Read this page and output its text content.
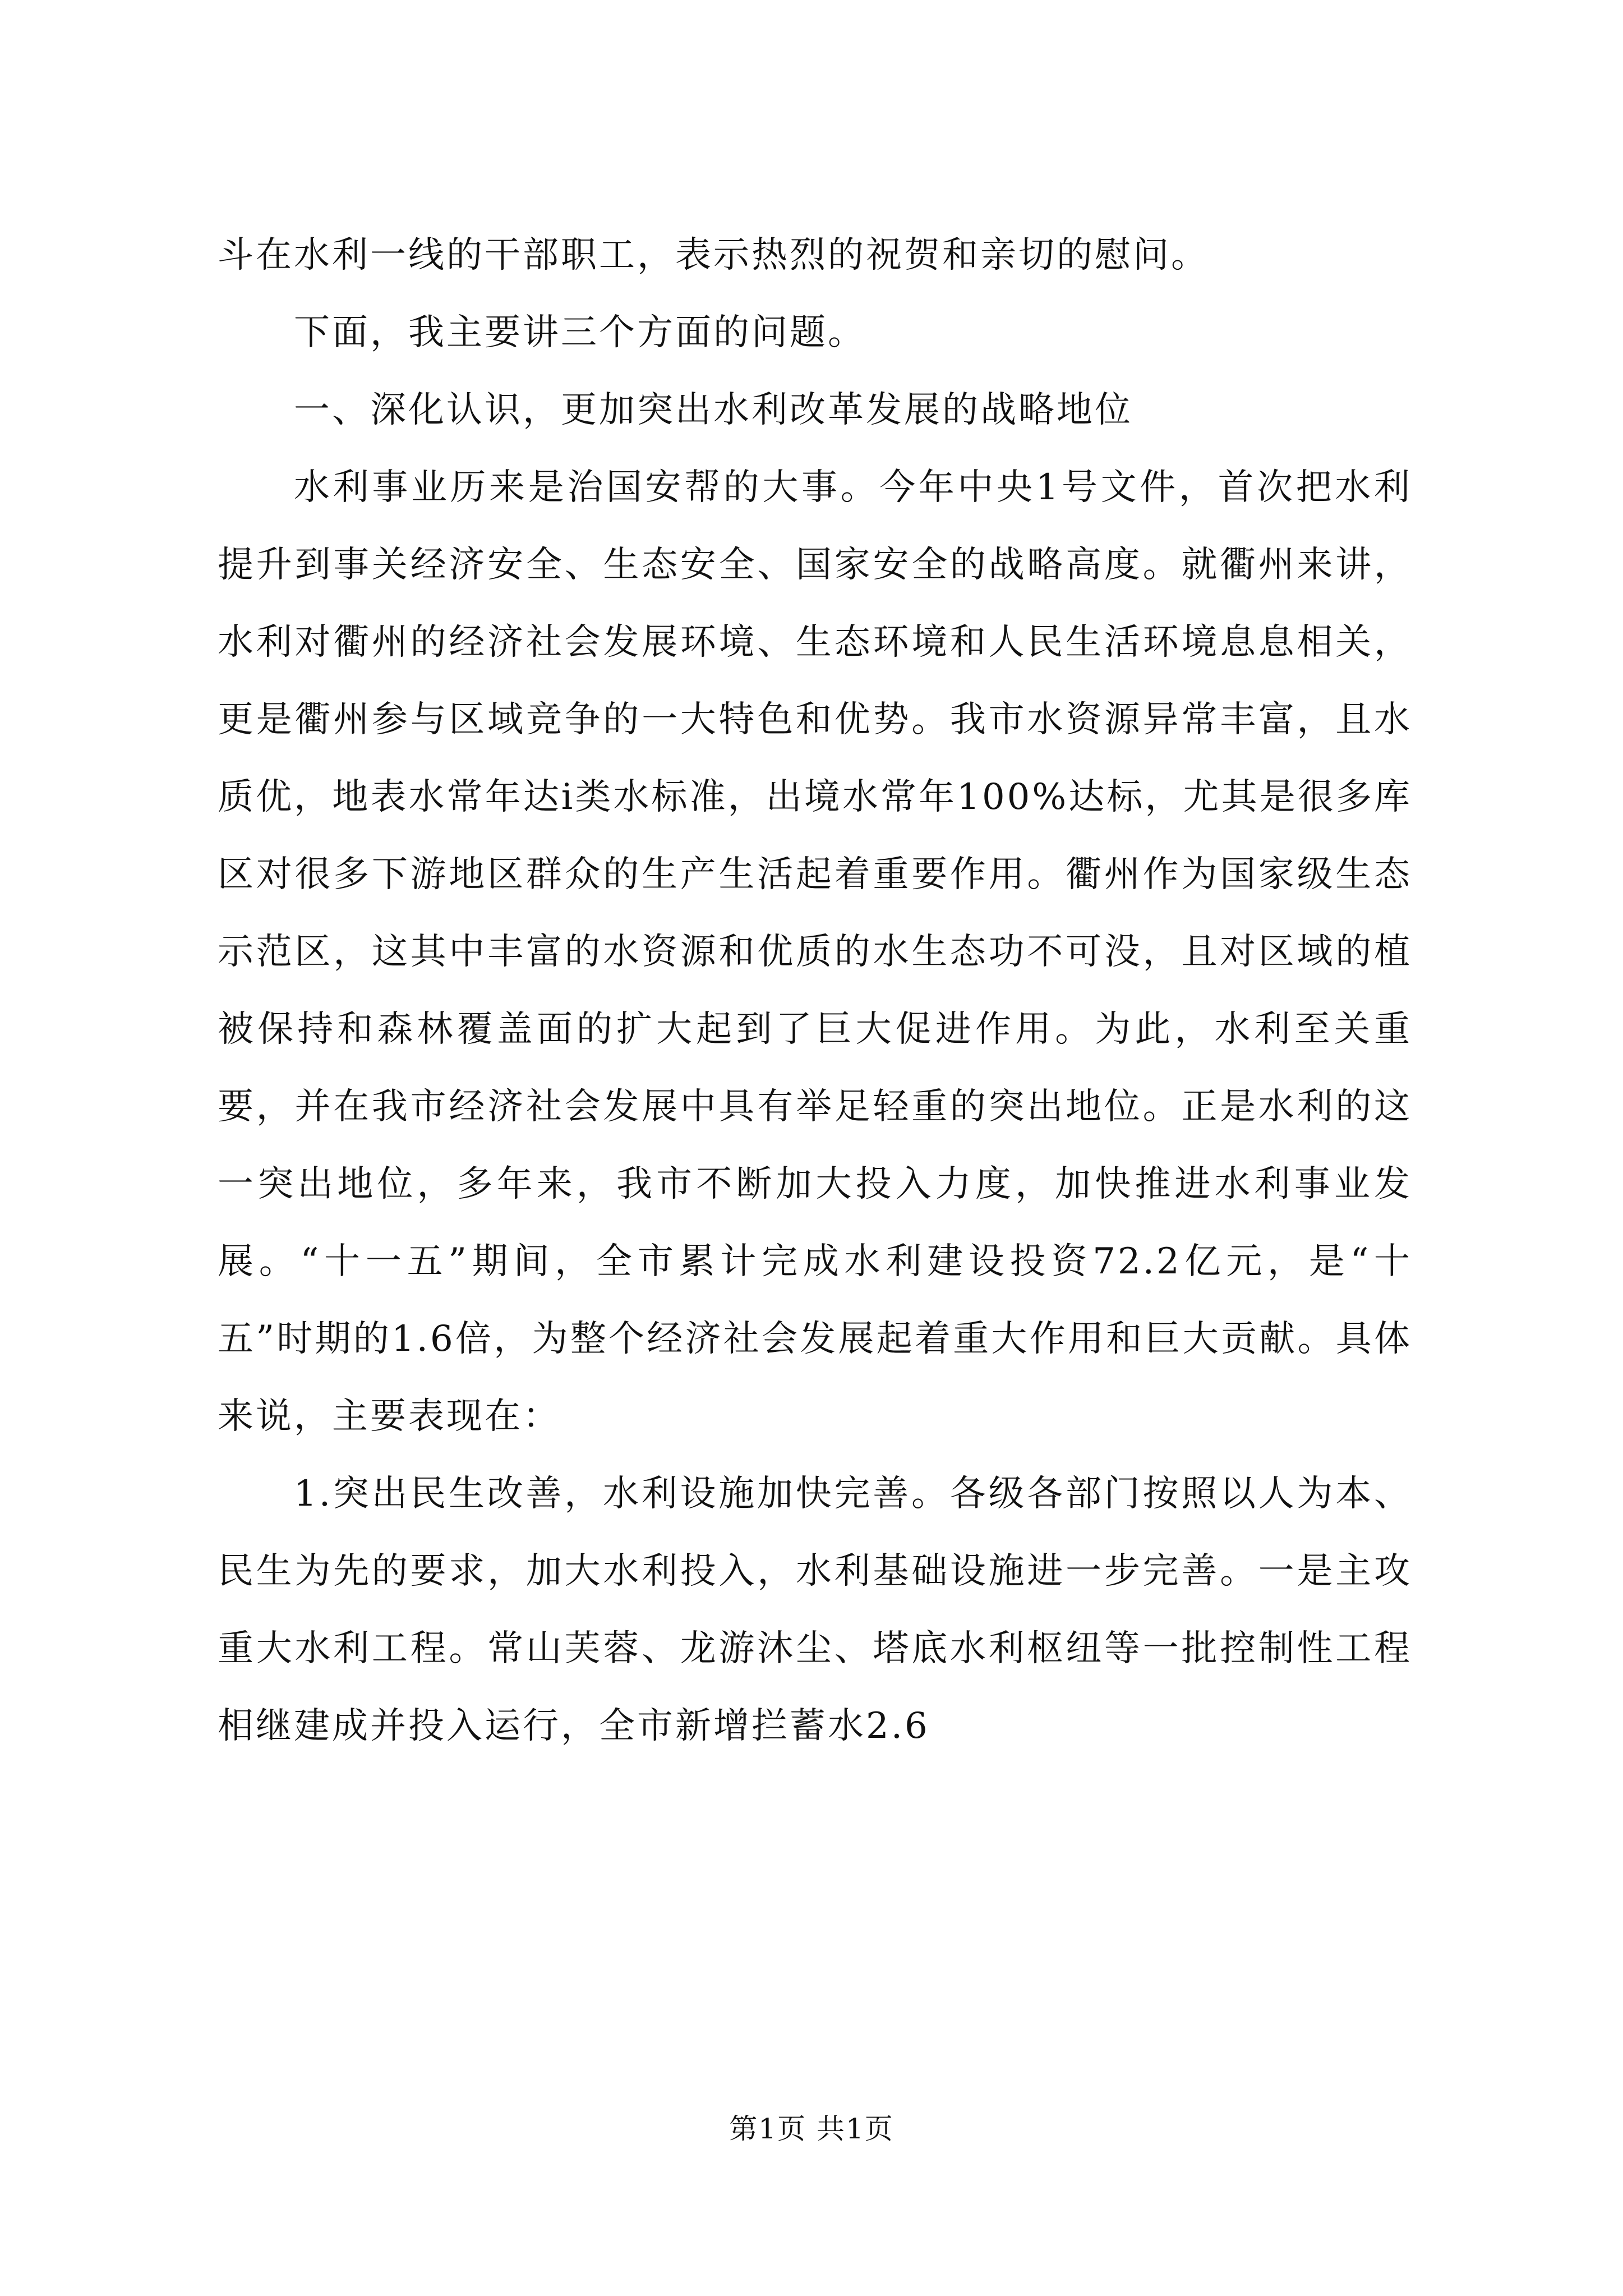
斗在水利一线的干部职工，表示热烈的祝贺和亲切的慰问。

下面，我主要讲三个方面的问题。

一、深化认识，更加突出水利改革发展的战略地位

水利事业历来是治国安帮的大事。今年中央1号文件，首次把水利提升到事关经济安全、生态安全、国家安全的战略高度。就衢州来讲，水利对衢州的经济社会发展环境、生态环境和人民生活环境息息相关，更是衢州参与区域竞争的一大特色和优势。我市水资源异常丰富，且水质优，地表水常年达ⅰ类水标准，出境水常年100%达标，尤其是很多库区对很多下游地区群众的生产生活起着重要作用。衢州作为国家级生态示范区，这其中丰富的水资源和优质的水生态功不可没，且对区域的植被保持和森林覆盖面的扩大起到了巨大促进作用。为此，水利至关重要，并在我市经济社会发展中具有举足轻重的突出地位。正是水利的这一突出地位，多年来，我市不断加大投入力度，加快推进水利事业发展。“十一五”期间，全市累计完成水利建设投资72.2亿元，是“十五”时期的1.6倍，为整个经济社会发展起着重大作用和巨大贡献。具体来说，主要表现在：

1.突出民生改善，水利设施加快完善。各级各部门按照以人为本、民生为先的要求，加大水利投入，水利基础设施进一步完善。一是主攻重大水利工程。常山芙蓉、龙游沐尘、塔底水利枢纽等一批控制性工程相继建成并投入运行，全市新增拦蓄水2.6

第1页 共1页
